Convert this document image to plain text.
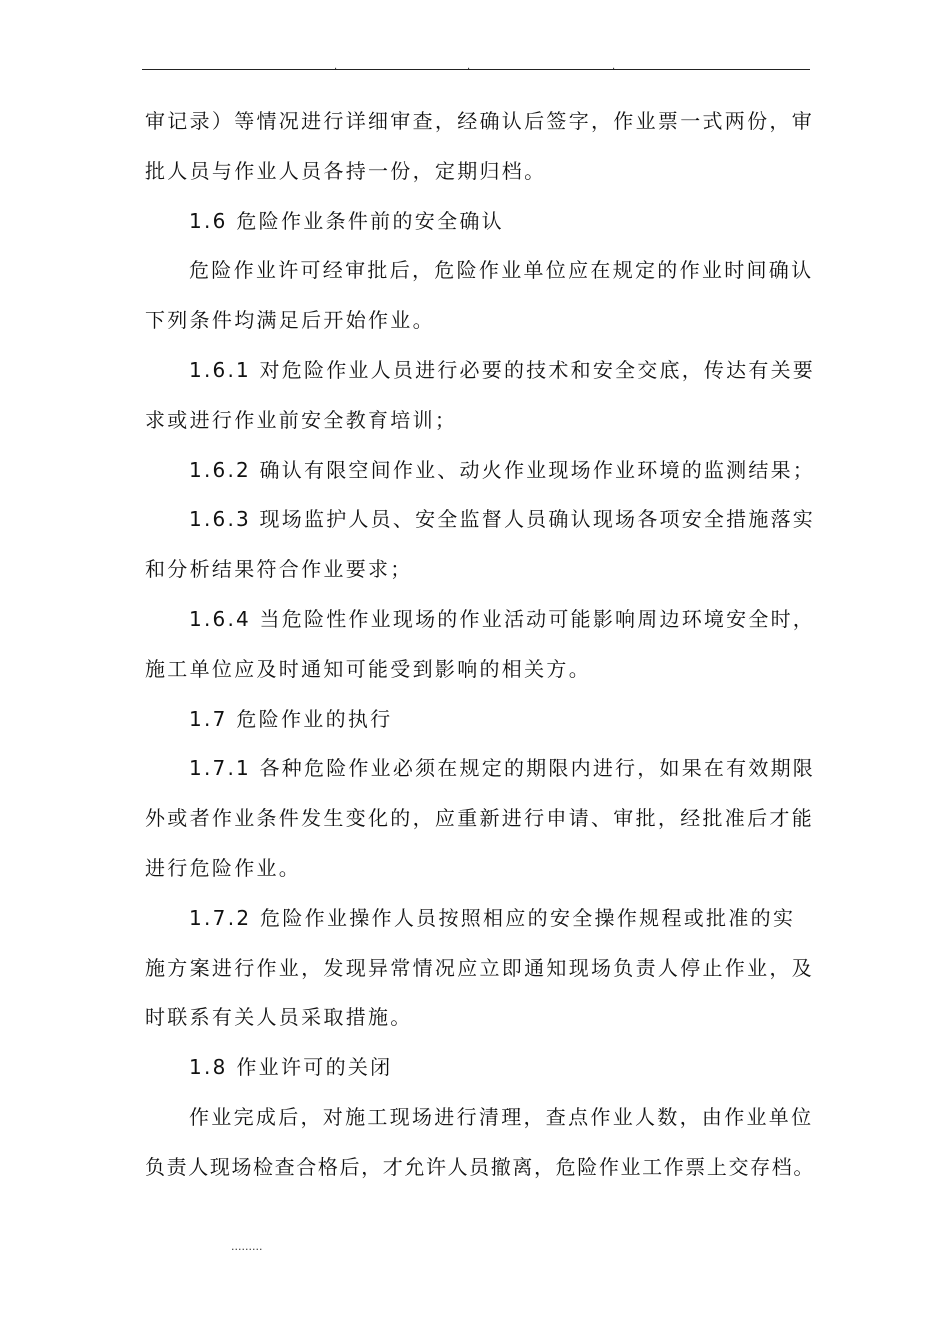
.	.	.
审记录）等情况进行详细审查，经确认后签字，作业票一式两份，审
批人员与作业人员各持一份，定期归档。
1.6 危险作业条件前的安全确认
危险作业许可经审批后，危险作业单位应在规定的作业时间确认
下列条件均满足后开始作业。
1.6.1 对危险作业人员进行必要的技术和安全交底，传达有关要
求或进行作业前安全教育培训；
1.6.2 确认有限空间作业、动火作业现场作业环境的监测结果；
1.6.3 现场监护人员、安全监督人员确认现场各项安全措施落实
和分析结果符合作业要求；
1.6.4 当危险性作业现场的作业活动可能影响周边环境安全时，
施工单位应及时通知可能受到影响的相关方。
1.7 危险作业的执行
1.7.1 各种危险作业必须在规定的期限内进行，如果在有效期限
外或者作业条件发生变化的，应重新进行申请、审批，经批准后才能
进行危险作业。
1.7.2 危险作业操作人员按照相应的安全操作规程或批准的实
施方案进行作业，发现异常情况应立即通知现场负责人停止作业，及
时联系有关人员采取措施。
1.8 作业许可的关闭
作业完成后，对施工现场进行清理，查点作业人数，由作业单位
负责人现场检查合格后，才允许人员撤离，危险作业工作票上交存档。
.........
